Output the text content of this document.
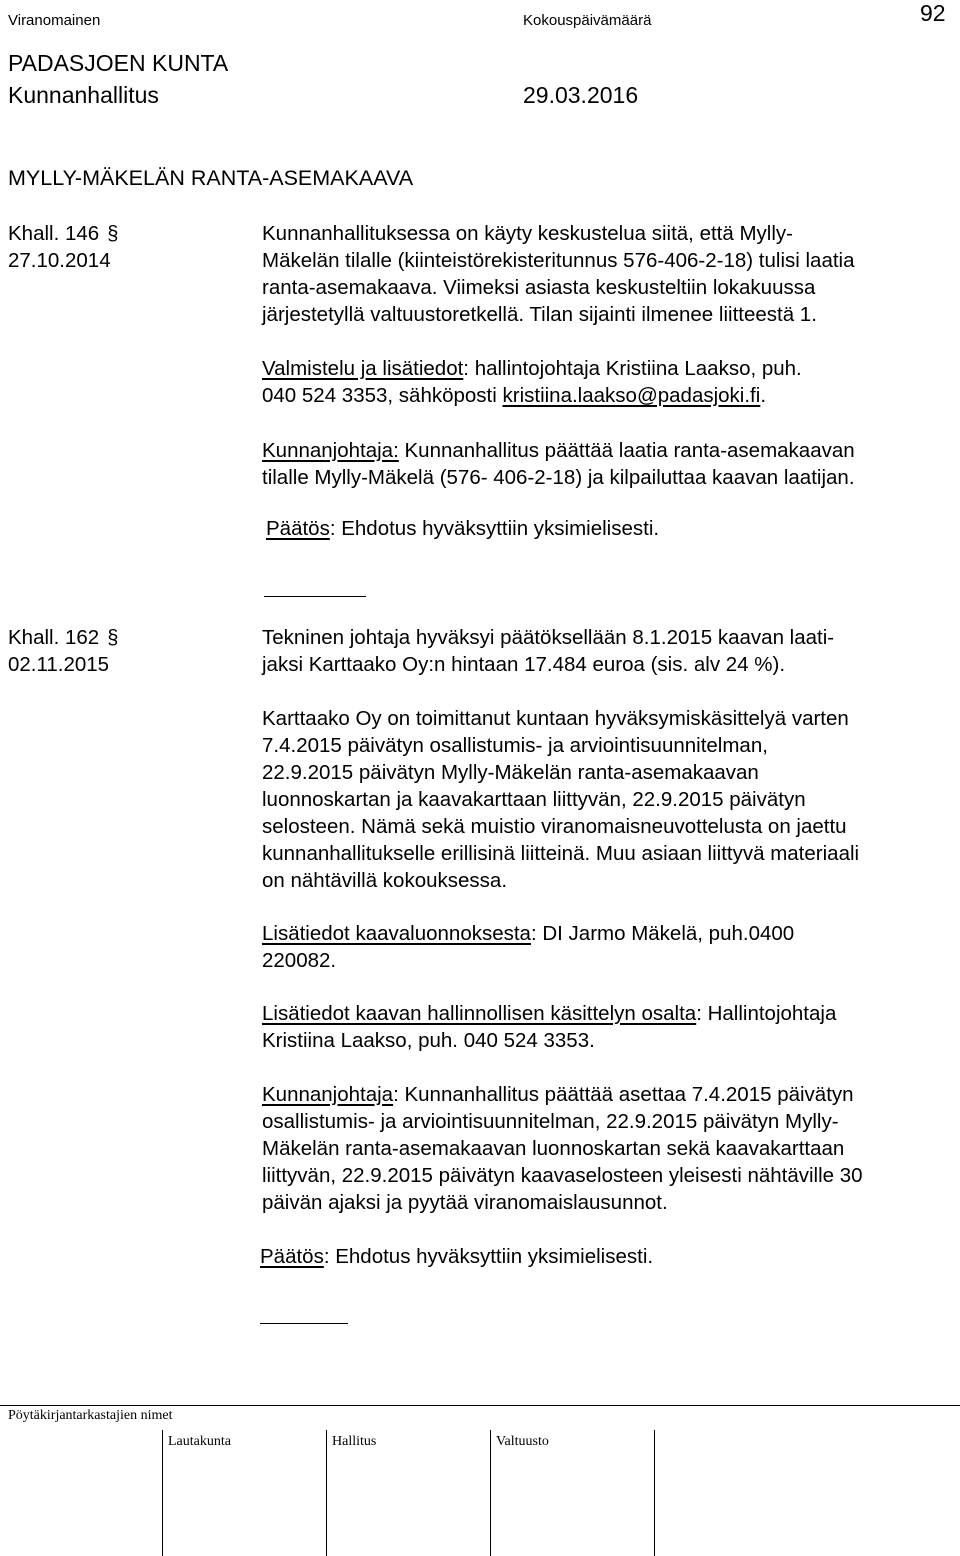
Viranomainen	Kokouspäivämäärä	92
PADASJOEN KUNTA
Kunnanhallitus	29.03.2016
MYLLY-MÄKELÄN RANTA-ASEMAKAAVA
Khall. 146 §
27.10.2014
Kunnanhallituksessa on käyty keskustelua siitä, että Mylly-
Mäkelän tilalle (kiinteistörekisteritunnus 576-406-2-18) tulisi laatia
ranta-asemakaava. Viimeksi asiasta keskusteltiin lokakuussa
järjestetyllä valtuustoretkellä. Tilan sijainti ilmenee liitteestä 1.
Valmistelu ja lisätiedot: hallintojohtaja Kristiina Laakso, puh.
040 524 3353, sähköposti kristiina.laakso@padasjoki.fi.
Kunnanjohtaja: Kunnanhallitus päättää laatia ranta-asemakaavan
tilalle Mylly-Mäkelä (576- 406-2-18) ja kilpailuttaa kaavan laatijan.
Päätös: Ehdotus hyväksyttiin yksimielisesti.
Khall. 162 §
02.11.2015
Tekninen johtaja hyväksyi päätöksellään 8.1.2015 kaavan laati-
jaksi Karttaako Oy:n hintaan 17.484 euroa (sis. alv 24 %).
Karttaako Oy on toimittanut kuntaan hyväksymiskäsittelyä varten
7.4.2015 päivätyn osallistumis- ja arviointisuunnitelman,
22.9.2015 päivätyn Mylly-Mäkelän ranta-asemakaavan
luonnoskartan ja kaavakarttaan liittyvän, 22.9.2015 päivätyn
selosteen. Nämä sekä muistio viranomaisneuvottelusta on jaettu
kunnanhallitukselle erillisinä liitteinä. Muu asiaan liittyvä materiaali
on nähtävillä kokouksessa.
Lisätiedot kaavaluonnoksesta: DI Jarmo Mäkelä, puh.0400
220082.
Lisätiedot kaavan hallinnollisen käsittelyn osalta: Hallintojohtaja
Kristiina Laakso, puh. 040 524 3353.
Kunnanjohtaja: Kunnanhallitus päättää asettaa 7.4.2015 päivätyn
osallistumis- ja arviointisuunnitelman, 22.9.2015 päivätyn Mylly-
Mäkelän ranta-asemakaavan luonnoskartan sekä kaavakarttaan
liittyvän, 22.9.2015 päivätyn kaavaselosteen yleisesti nähtäville 30
päivän ajaksi ja pyytää viranomaislausunnot.
Päätös: Ehdotus hyväksyttiin yksimielisesti.
Pöytäkirjantarkastajien nimet
Lautakunta	Hallitus	Valtuusto
